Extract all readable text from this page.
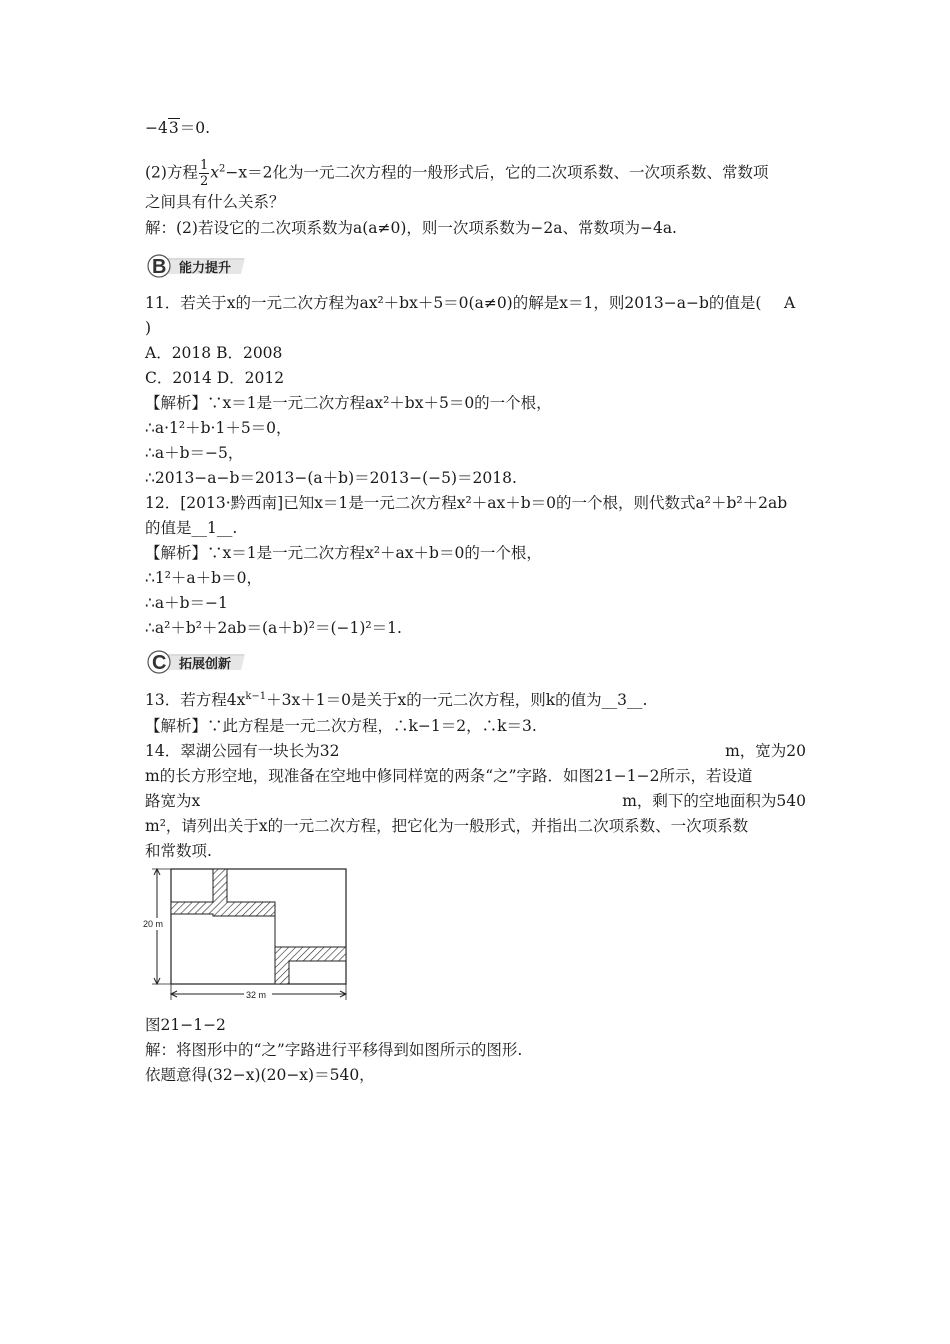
−43＝0.
(2)方程 $\frac{1}{2} x^2-x=2$化为一元二次方程的一般形式后，它的二次项系数、一次项系数、常数项
之间具有什么关系？
解：(2)若设它的二次项系数为a(a≠0)，则一次项系数为−2a、常数项为−4a.
B 能力提升
11．若关于x的一元二次方程为ax²＋bx＋5＝0(a≠0)的解是x＝1，则2013−a−b的值是( A
)
A．2018 B．2008
C．2014 D．2012
【解析】∵x＝1是一元二次方程ax²＋bx＋5＝0的一个根，
∴a·1²＋b·1＋5＝0，
∴a＋b＝−5，
∴2013−a−b＝2013−(a＋b)＝2013−(−5)＝2018.
12．[2013·黔西南]已知x＝1是一元二次方程x²＋ax＋b＝0的一个根，则代数式a²＋b²＋2ab
的值是__1__.
【解析】∵x＝1是一元二次方程x²＋ax＋b＝0的一个根，
∴1²＋a＋b＝0，
∴a＋b＝−1
∴a²＋b²＋2ab＝(a＋b)²＝(−1)²＝1.
C 拓展创新
13．若方程$4x^{k-1}+3x+1=0$是关于x的一元二次方程，则k的值为__3__.
【解析】∵此方程是一元二次方程，∴k−1＝2，∴k＝3.
14．翠湖公园有一块长为32	m，宽为20
m的长方形空地，现准备在空地中修同样宽的两条“之”字路．如图21−1−2所示，若设道
路宽为x	m，剩下的空地面积为540
m²，请列出关于x的一元二次方程，把它化为一般形式，并指出二次项系数、一次项系数
和常数项.
20 m
32 m
图21−1−2
解：将图形中的“之”字路进行平移得到如图所示的图形.
依题意得(32−x)(20−x)＝540，
